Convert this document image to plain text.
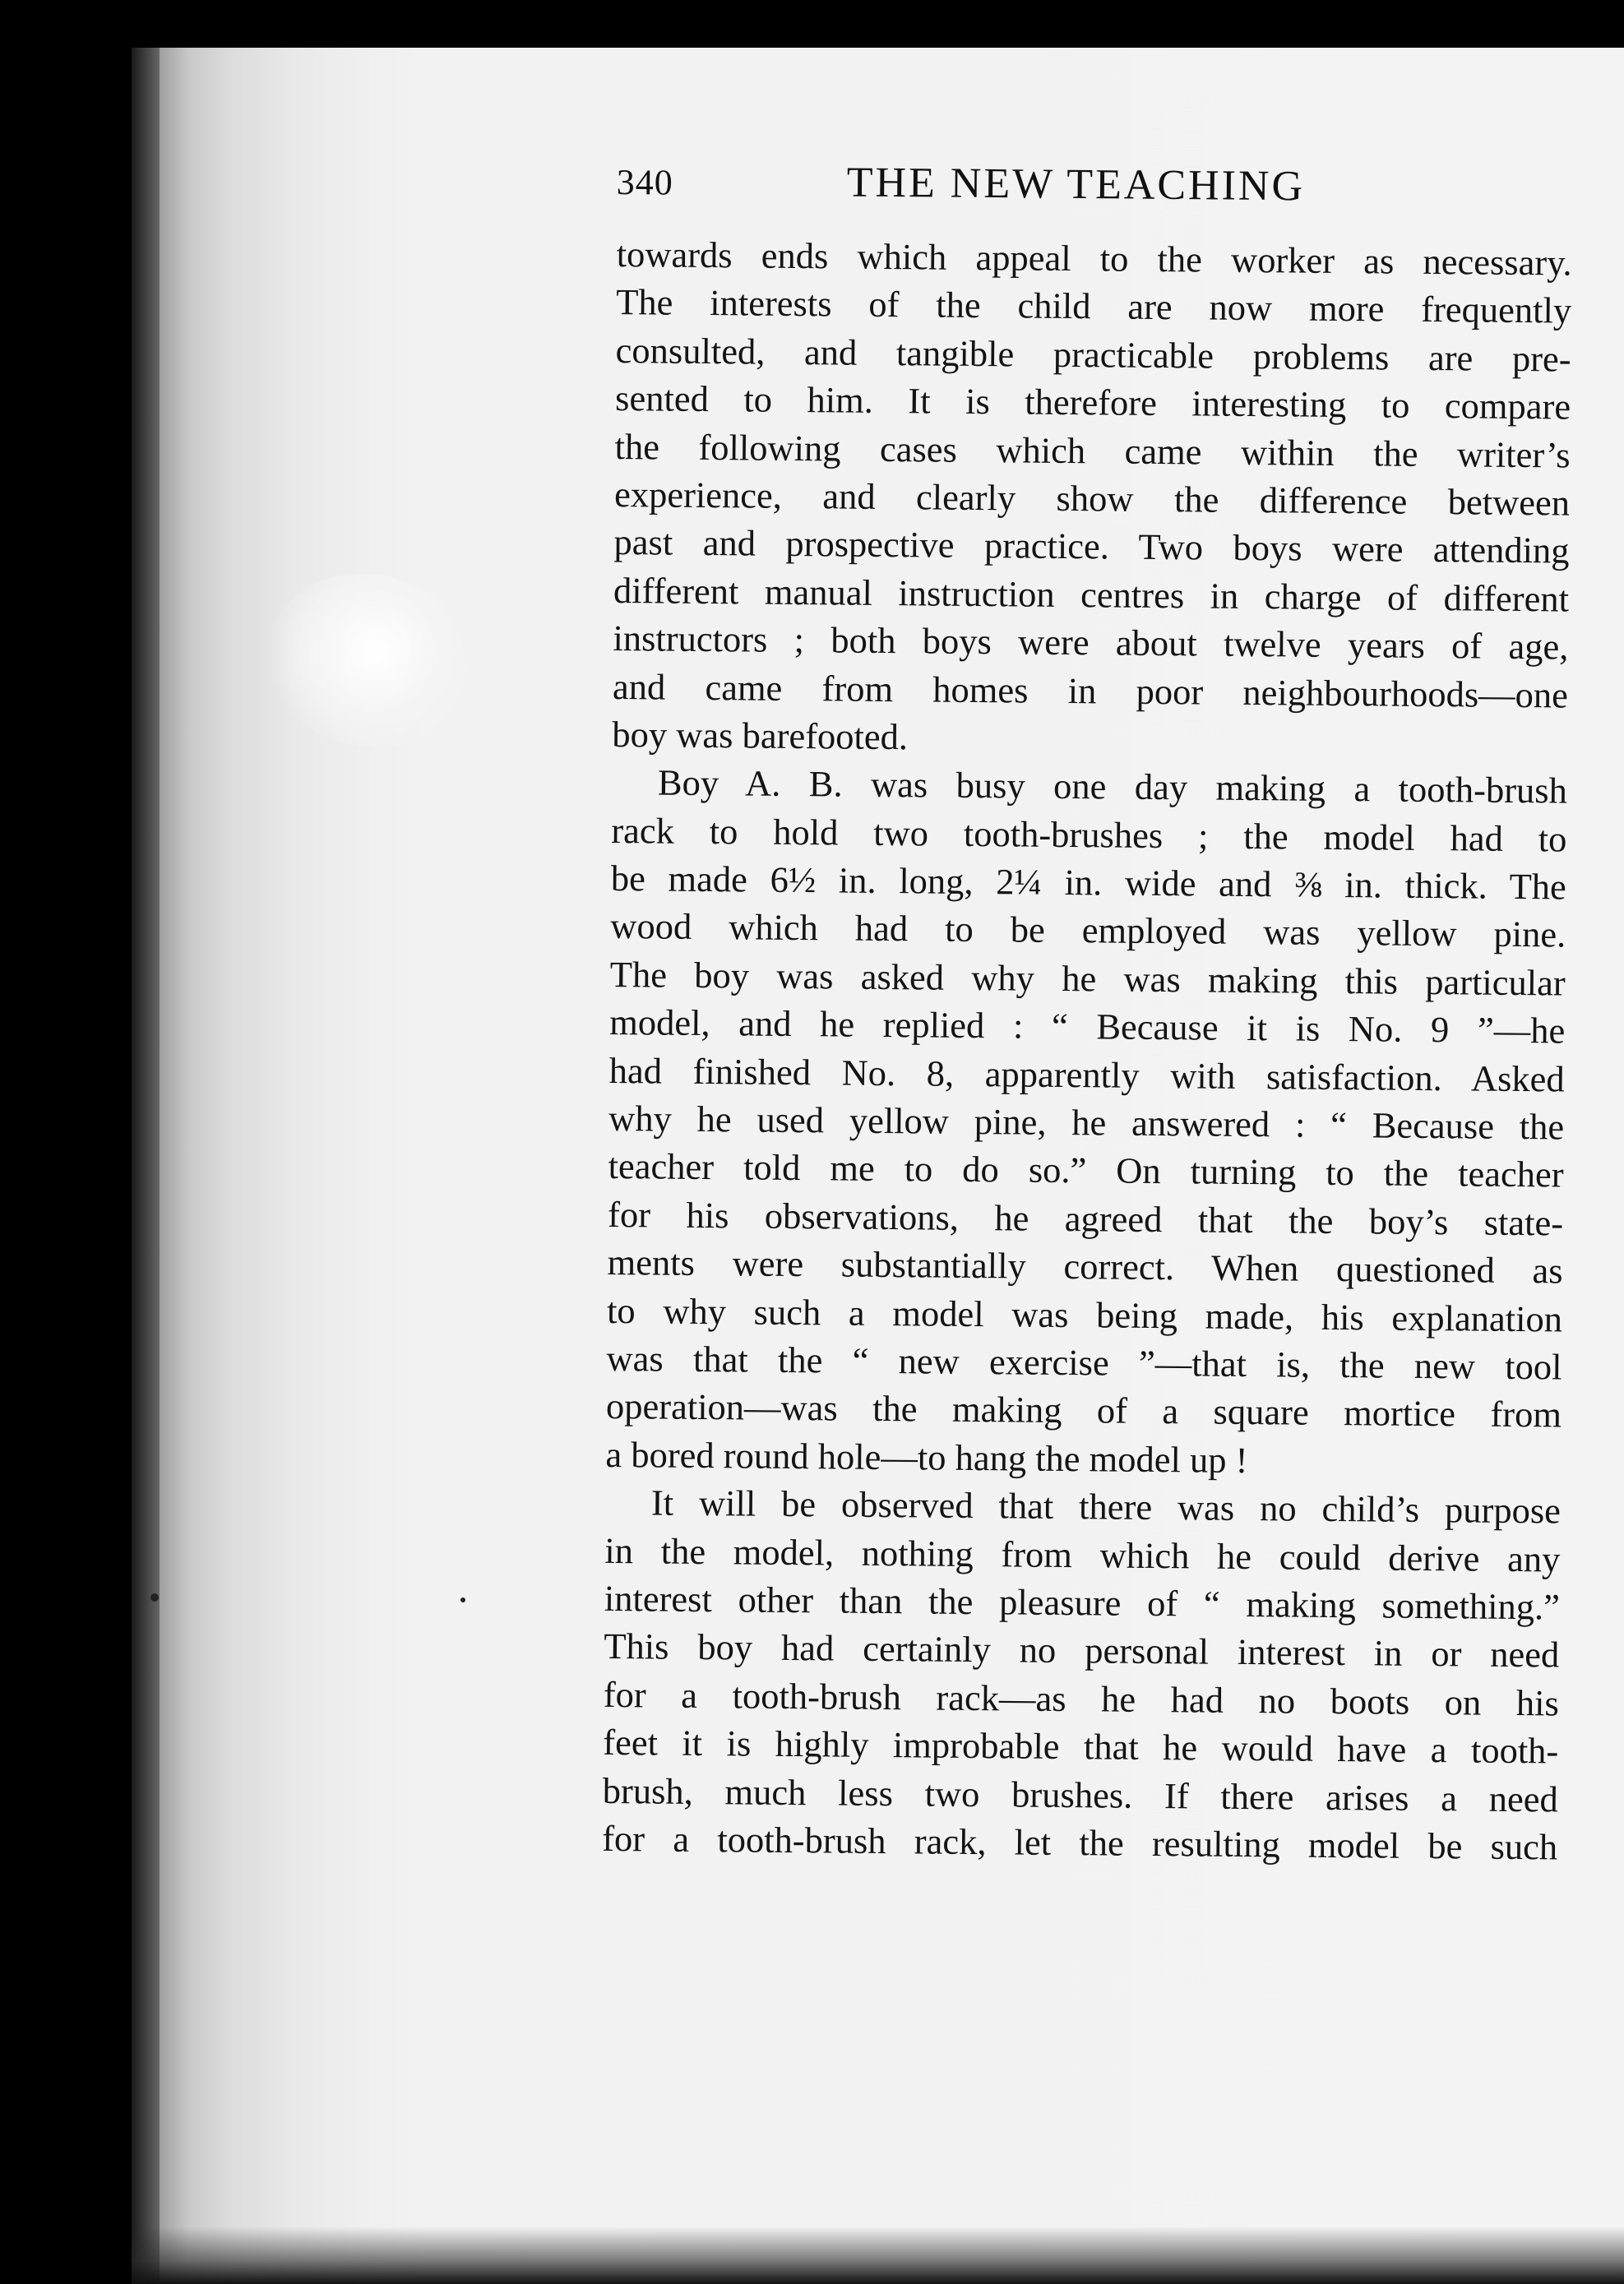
340	THE NEW TEACHING
towards ends which appeal to the worker as necessary.
The interests of the child are now more frequently
consulted, and tangible practicable problems are pre-
sented to him. It is therefore interesting to compare
the following cases which came within the writer’s
experience, and clearly show the difference between
past and prospective practice. Two boys were attending
different manual instruction centres in charge of different
instructors ; both boys were about twelve years of age,
and came from homes in poor neighbourhoods—one
boy was barefooted.
Boy A. B. was busy one day making a tooth-brush
rack to hold two tooth-brushes ; the model had to
be made 6½ in. long, 2¼ in. wide and ⅜ in. thick. The
wood which had to be employed was yellow pine.
The boy was asked why he was making this particular
model, and he replied : “ Because it is No. 9 ”—he
had finished No. 8, apparently with satisfaction. Asked
why he used yellow pine, he answered : “ Because the
teacher told me to do so.” On turning to the teacher
for his observations, he agreed that the boy’s state-
ments were substantially correct. When questioned as
to why such a model was being made, his explanation
was that the “ new exercise ”—that is, the new tool
operation—was the making of a square mortice from
a bored round hole—to hang the model up !
It will be observed that there was no child’s purpose
in the model, nothing from which he could derive any
interest other than the pleasure of “ making something.”
This boy had certainly no personal interest in or need
for a tooth-brush rack—as he had no boots on his
feet it is highly improbable that he would have a tooth-
brush, much less two brushes. If there arises a need
for a tooth-brush rack, let the resulting model be such
